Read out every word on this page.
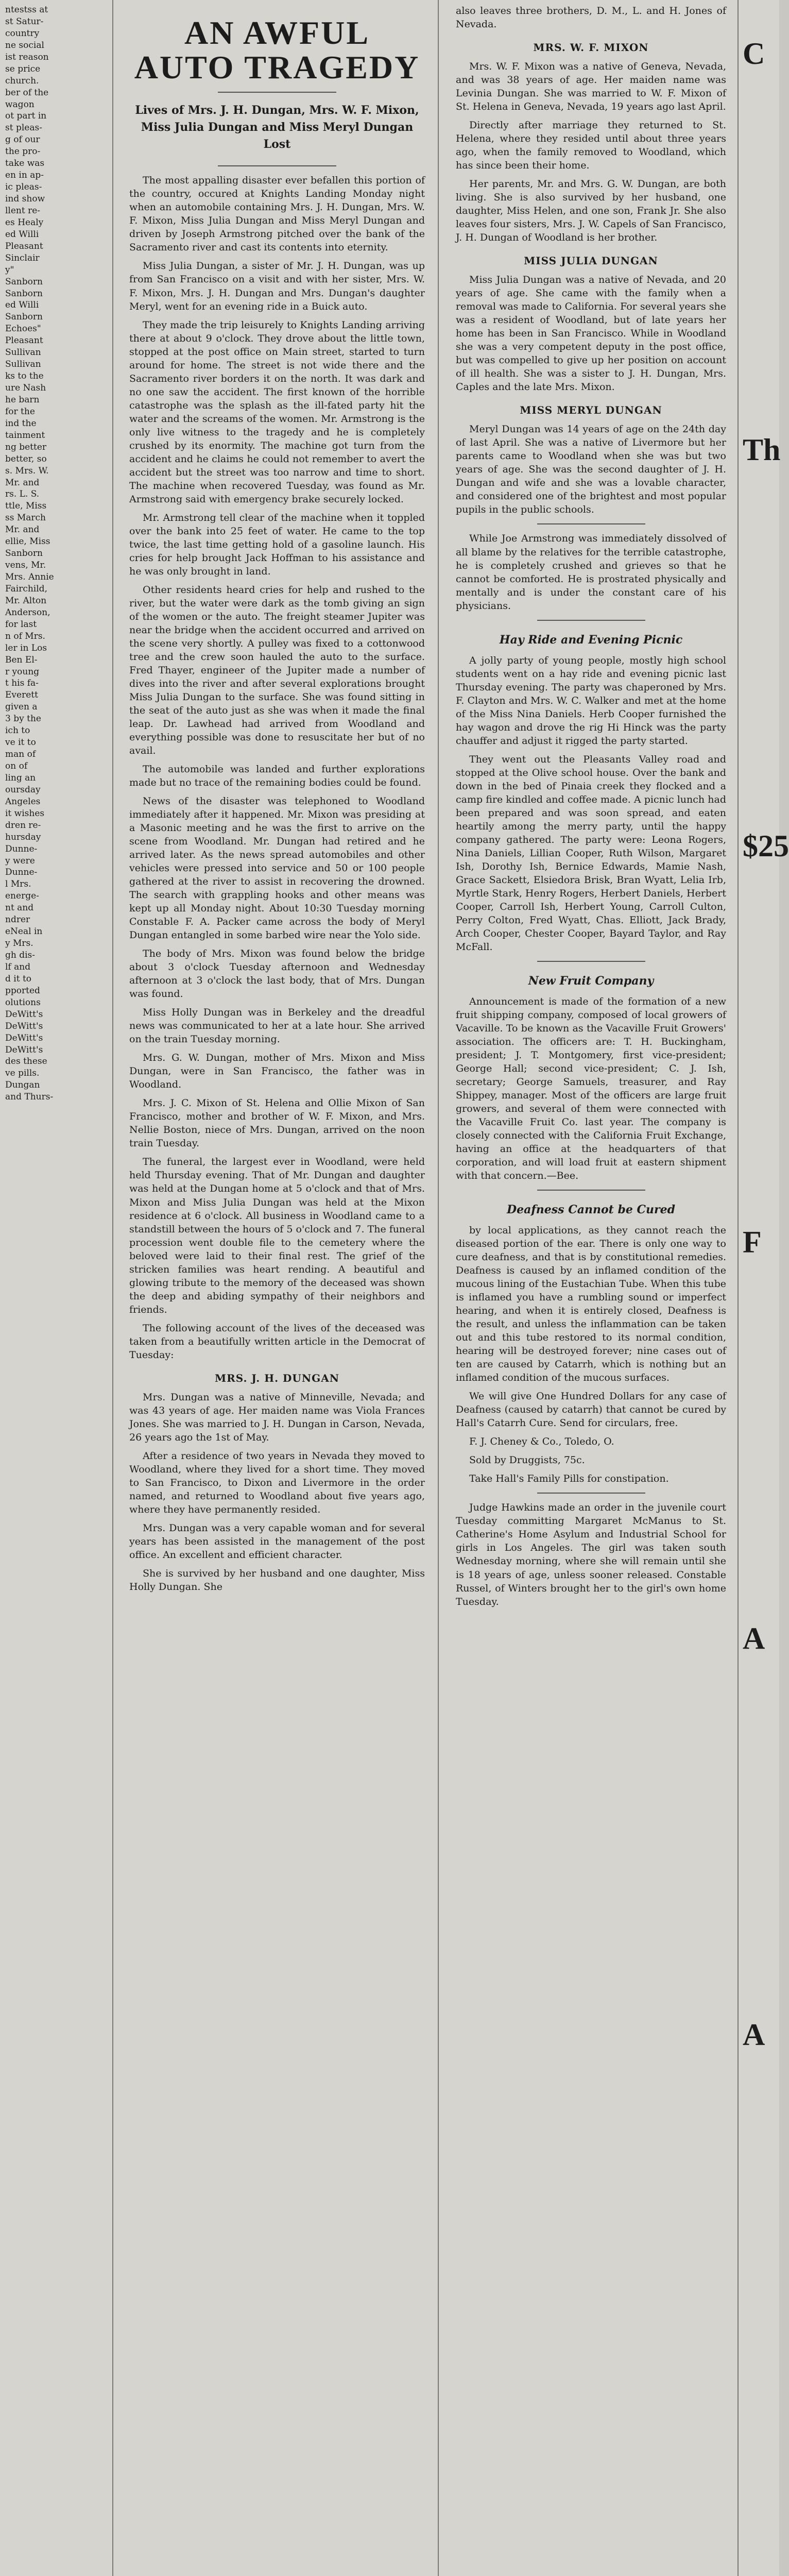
ntestss at
st Satur-
country
ne social
ist reason
se price
church.
ber of the
wagon
ot part in
st pleas-
g of our
the pro-
take was
en in ap-
ic pleas-
ind show
llent re-
es Healy
ed Willi
Pleasant
Sinclair
y"
Sanborn
Sanborn
ed Willi
Sanborn
Echoes"
Pleasant
Sullivan
Sullivan
ks to the
ure Nash
he barn
for the
ind the
tainment
ng better
better, so
s. Mrs. W.
Mr. and
rs. L. S.
ttle, Miss
ss March
Mr. and
ellie, Miss
Sanborn
vens, Mr.
Mrs. Annie
Fairchild,
Mr. Alton
Anderson,
for last
n of Mrs.
ler in Los
Ben El-
r young
t his fa-
Everett
given a
3 by the
ich to
ve it to
man of
on of
ling an
oursday
Angeles
it wishes
dren re-
hursday
Dunne-
y were
Dunne-
l Mrs.
energe-
nt and
ndrer
eNeal in
y Mrs.
gh dis-
lf and
d it to
pported
olutions
DeWitt's
DeWitt's
DeWitt's
DeWitt's
des these
ve pills.
Dungan
and Thurs-
AN AWFUL
AUTO TRAGEDY
Lives of Mrs. J. H. Dungan, Mrs. W. F. Mixon, Miss Julia Dungan and Miss Meryl Dungan Lost

The most appalling disaster ever befallen this portion of the country, occured at Knights Landing Monday night when an automobile containing Mrs. J. H. Dungan, Mrs. W. F. Mixon, Miss Julia Dungan and Miss Meryl Dungan and driven by Joseph Armstrong pitched over the bank of the Sacramento river and cast its contents into eternity.

Miss Julia Dungan, a sister of Mr. J. H. Dungan, was up from San Francisco on a visit and with her sister, Mrs. W. F. Mixon, Mrs. J. H. Dungan and Mrs. Dungan's daughter Meryl, went for an evening ride in a Buick auto.

They made the trip leisurely to Knights Landing arriving there at about 9 o'clock. They drove about the little town, stopped at the post office on Main street, started to turn around for home. The street is not wide there and the Sacramento river borders it on the north. It was dark and no one saw the accident. The first known of the horrible catastrophe was the splash as the ill-fated party hit the water and the screams of the women. Mr. Armstrong is the only live witness to the tragedy and he is completely crushed by its enormity. The machine got turn from the accident and he claims he could not remember to avert the accident but the street was too narrow and time to short. The machine when recovered Tuesday, was found as Mr. Armstrong said with emergency brake securely locked.

Mr. Armstrong tell clear of the machine when it toppled over the bank into 25 feet of water. He came to the top twice, the last time getting hold of a gasoline launch. His cries for help brought Jack Hoffman to his assistance and he was only brought in land.

Other residents heard cries for help and rushed to the river, but the water were dark as the tomb giving an sign of the women or the auto. The freight steamer Jupiter was near the bridge when the accident occurred and arrived on the scene very shortly. A pulley was fixed to a cottonwood tree and the crew soon hauled the auto to the surface. Fred Thayer, engineer of the Jupiter made a number of dives into the river and after several explorations brought Miss Julia Dungan to the surface. She was found sitting in the seat of the auto just as she was when it made the final leap. Dr. Lawhead had arrived from Woodland and everything possible was done to resuscitate her but of no avail.

The automobile was landed and further explorations made but no trace of the remaining bodies could be found.

News of the disaster was telephoned to Woodland immediately after it happened. Mr. Mixon was presiding at a Masonic meeting and he was the first to arrive on the scene from Woodland. Mr. Dungan had retired and he arrived later. As the news spread automobiles and other vehicles were pressed into service and 50 or 100 people gathered at the river to assist in recovering the drowned. The search with grappling hooks and other means was kept up all Monday night. About 10:30 Tuesday morning Constable F. A. Packer came across the body of Meryl Dungan entangled in some barbed wire near the Yolo side.

The body of Mrs. Mixon was found below the bridge about 3 o'clock Tuesday afternoon and Wednesday afternoon at 3 o'clock the last body, that of Mrs. Dungan was found.

Miss Holly Dungan was in Berkeley and the dreadful news was communicated to her at a late hour. She arrived on the train Tuesday morning.

Mrs. G. W. Dungan, mother of Mrs. Mixon and Miss Dungan, were in San Francisco, the father was in Woodland.

Mrs. J. C. Mixon of St. Helena and Ollie Mixon of San Francisco, mother and brother of W. F. Mixon, and Mrs. Nellie Boston, niece of Mrs. Dungan, arrived on the noon train Tuesday.

The funeral, the largest ever in Woodland, were held held Thursday evening. That of Mr. Dungan and daughter was held at the Dungan home at 5 o'clock and that of Mrs. Mixon and Miss Julia Dungan was held at the Mixon residence at 6 o'clock. All business in Woodland came to a standstill between the hours of 5 o'clock and 7. The funeral procession went double file to the cemetery where the beloved were laid to their final rest. The grief of the stricken families was heart rending. A beautiful and glowing tribute to the memory of the deceased was shown the deep and abiding sympathy of their neighbors and friends.

The following account of the lives of the deceased was taken from a beautifully written article in the Democrat of Tuesday:

MRS. J. H. DUNGAN

Mrs. Dungan was a native of Minneville, Nevada; and was 43 years of age. Her maiden name was Viola Frances Jones. She was married to J. H. Dungan in Carson, Nevada, 26 years ago the 1st of May.

After a residence of two years in Nevada they moved to Woodland, where they lived for a short time. They moved to San Francisco, to Dixon and Livermore in the order named, and returned to Woodland about five years ago, where they have permanently resided.

Mrs. Dungan was a very capable woman and for several years has been assisted in the management of the post office. An excellent and efficient character.

She is survived by her husband and one daughter, Miss Holly Dungan. She

also leaves three brothers, D. M., L. and H. Jones of Nevada.

MRS. W. F. MIXON

Mrs. W. F. Mixon was a native of Geneva, Nevada, and was 38 years of age. Her maiden name was Levinia Dungan. She was married to W. F. Mixon of St. Helena in Geneva, Nevada, 19 years ago last April.

Directly after marriage they returned to St. Helena, where they resided until about three years ago, when the family removed to Woodland, which has since been their home.

Her parents, Mr. and Mrs. G. W. Dungan, are both living. She is also survived by her husband, one daughter, Miss Helen, and one son, Frank Jr. She also leaves four sisters, Mrs. J. W. Capels of San Francisco, J. H. Dungan of Woodland is her brother.

MISS JULIA DUNGAN

Miss Julia Dungan was a native of Nevada, and 20 years of age. She came with the family when a removal was made to California. For several years she was a resident of Woodland, but of late years her home has been in San Francisco. While in Woodland she was a very competent deputy in the post office, but was compelled to give up her position on account of ill health. She was a sister to J. H. Dungan, Mrs. Caples and the late Mrs. Mixon.

MISS MERYL DUNGAN

Meryl Dungan was 14 years of age on the 24th day of last April. She was a native of Livermore but her parents came to Woodland when she was but two years of age. She was the second daughter of J. H. Dungan and wife and she was a lovable character, and considered one of the brightest and most popular pupils in the public schools.

While Joe Armstrong was immediately dissolved of all blame by the relatives for the terrible catastrophe, he is completely crushed and grieves so that he cannot be comforted. He is prostrated physically and mentally and is under the constant care of his physicians.

Hay Ride and Evening Picnic

A jolly party of young people, mostly high school students went on a hay ride and evening picnic last Thursday evening. The party was chaperoned by Mrs. F. Clayton and Mrs. W. C. Walker and met at the home of the Miss Nina Daniels. Herb Cooper furnished the hay wagon and drove the rig Hi Hinck was the party chauffer and adjust it rigged the party started.

They went out the Pleasants Valley road and stopped at the Olive school house. Over the bank and down in the bed of Pinaia creek they flocked and a camp fire kindled and coffee made. A picnic lunch had been prepared and was soon spread, and eaten heartily among the merry party, until the happy company gathered. The party were: Leona Rogers, Nina Daniels, Lillian Cooper, Ruth Wilson, Margaret Ish, Dorothy Ish, Bernice Edwards, Mamie Nash, Grace Sackett, Elsiedora Brisk, Bran Wyatt, Lelia Irb, Myrtle Stark, Henry Rogers, Herbert Daniels, Herbert Cooper, Carroll Ish, Herbert Young, Carroll Culton, Perry Colton, Fred Wyatt, Chas. Elliott, Jack Brady, Arch Cooper, Chester Cooper, Bayard Taylor, and Ray McFall.

New Fruit Company

Announcement is made of the formation of a new fruit shipping company, composed of local growers of Vacaville. To be known as the Vacaville Fruit Growers' association. The officers are: T. H. Buckingham, president; J. T. Montgomery, first vice-president; George Hall; second vice-president; C. J. Ish, secretary; George Samuels, treasurer, and Ray Shippey, manager. Most of the officers are large fruit growers, and several of them were connected with the Vacaville Fruit Co. last year. The company is closely connected with the California Fruit Exchange, having an office at the headquarters of that corporation, and will load fruit at eastern shipment with that concern.—Bee.

Deafness Cannot be Cured

by local applications, as they cannot reach the diseased portion of the ear. There is only one way to cure deafness, and that is by constitutional remedies. Deafness is caused by an inflamed condition of the mucous lining of the Eustachian Tube. When this tube is inflamed you have a rumbling sound or imperfect hearing, and when it is entirely closed, Deafness is the result, and unless the inflammation can be taken out and this tube restored to its normal condition, hearing will be destroyed forever; nine cases out of ten are caused by Catarrh, which is nothing but an inflamed condition of the mucous surfaces.

We will give One Hundred Dollars for any case of Deafness (caused by catarrh) that cannot be cured by Hall's Catarrh Cure. Send for circulars, free.

F. J. Cheney & Co., Toledo, O.

Sold by Druggists, 75c.

Take Hall's Family Pills for constipation.

Judge Hawkins made an order in the juvenile court Tuesday committing Margaret McManus to St. Catherine's Home Asylum and Industrial School for girls in Los Angeles. The girl was taken south Wednesday morning, where she will remain until she is 18 years of age, unless sooner released. Constable Russel, of Winters brought her to the girl's own home Tuesday.

C
Th
$25
F
A
A
